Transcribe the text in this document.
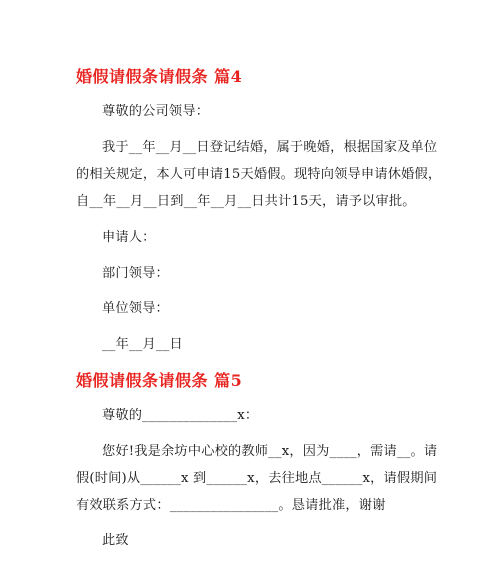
婚假请假条请假条 篇4
尊敬的公司领导：
我于__年__月__日登记结婚，属于晚婚，根据国家及单位
的相关规定，本人可申请15天婚假。现特向领导申请休婚假，
自__年__月__日到__年__月__日共计15天，请予以审批。
申请人：
部门领导：
单位领导：
__年__月__日
婚假请假条请假条 篇5
尊敬的______________x：
您好!我是余坊中心校的教师__x，因为____，需请__。请
假(时间)从______x 到______x，去往地点______x，请假期间
有效联系方式：________________。恳请批准，谢谢
此致
